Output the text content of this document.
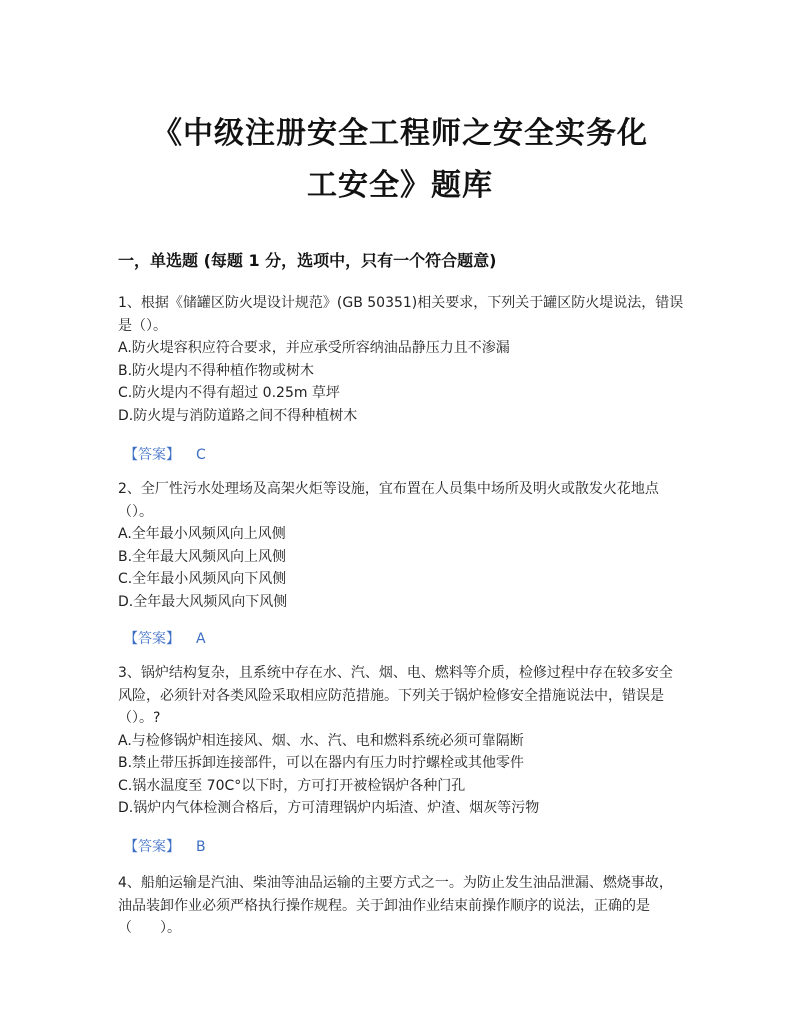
《中级注册安全工程师之安全实务化
工安全》题库
一，单选题 (每题 1 分，选项中，只有一个符合题意)

1、根据《储罐区防火堤设计规范》(GB 50351)相关要求，下列关于罐区防火堤说法，错误是（）。

A.防火堤容积应符合要求，并应承受所容纳油品静压力且不渗漏

B.防火堤内不得种植作物或树木

C.防火堤内不得有超过 0.25m 草坪

D.防火堤与消防道路之间不得种植树木

【答案】 C

2、全厂性污水处理场及高架火炬等设施，宜布置在人员集中场所及明火或散发火花地点（）。

A.全年最小风频风向上风侧

B.全年最大风频风向上风侧

C.全年最小风频风向下风侧

D.全年最大风频风向下风侧

【答案】 A

3、锅炉结构复杂，且系统中存在水、汽、烟、电、燃料等介质，检修过程中存在较多安全风险，必须针对各类风险采取相应防范措施。下列关于锅炉检修安全措施说法中，错误是（）。?

A.与检修锅炉相连接风、烟、水、汽、电和燃料系统必须可靠隔断

B.禁止带压拆卸连接部件，可以在器内有压力时拧螺栓或其他零件

C.锅水温度至 70C°以下时，方可打开被检锅炉各种门孔

D.锅炉内气体检测合格后，方可清理锅炉内垢渣、炉渣、烟灰等污物

【答案】 B

4、船舶运输是汽油、柴油等油品运输的主要方式之一。为防止发生油品泄漏、燃烧事故，油品装卸作业必须严格执行操作规程。关于卸油作业结束前操作顺序的说法，正确的是（　　）。
